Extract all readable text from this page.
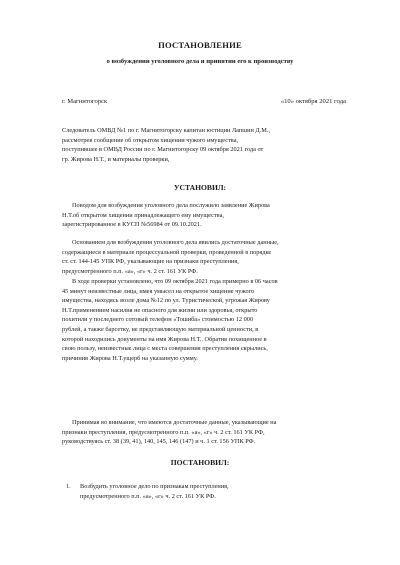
ПОСТАНОВЛЕНИЕ
о возбуждении уголовного дела и принятии его к производству
г. Магнитогорск	«10» октября 2021 года
Следователь ОМВД №1 по г. Магнитогорску капитан юстиции Лапшин Д.М.,
рассмотрев сообщение об открытом хищении чужого имущества,
поступившее в ОМВД России по г. Магнитогорску 09 октября 2021 года от
гр. Жирова Н.Т., и материалы проверки,
УСТАНОВИЛ:
Поводом для возбуждения уголовного дела послужило заявление Жирова
Н.Т.об открытом хищении принадлежащего ему имущества,
зарегистрированное в КУСП №56984 от 09.10.2021.
Основанием для возбуждения уголовного дела явились достаточные данные,
содержащиеся в материале процессуальной проверки, проведенной в порядке
ст. ст. 144-145 УПК РФ, указывающие на признаки преступления,
предусмотренного п.п. «а», «г» ч. 2 ст. 161 УК РФ.
В ходе проверки установлено, что 09 октября 2021 года примерно в 06 часов
45 минут неизвестные лица, имея умысел на открытое хищение чужого
имущества, находясь возле дома №12 по ул. Туристической, угрожая Жирову
Н.Т.применением насилия не опасного для жизни или здоровья, открыто
похитили у последнего сотовый телефон «Тошиба» стоимостью 12 000
рублей, а также барсетку, не представляющую материальной ценности, в
которой находились документы на имя Жирова Н.Т.. Обратив похищенное в
свою пользу, неизвестные лица с места совершения преступления скрылись,
причинив Жирова Н.Т.ущерб на указанную сумму.
Принимая во внимание, что имеются достаточные данные, указывающие на
признаки преступления, предусмотренного п.п. «а», «г» ч. 2 ст. 161 УК РФ,
руководствуясь ст. 38 (39, 41), 140, 145, 146 (147) и ч. 1 ст. 156 УПК РФ.
ПОСТАНОВИЛ:
1. Возбудить уголовное дело по признакам преступления,
предусмотренного п.п. «а», «г» ч. 2 ст. 161 УК РФ.
